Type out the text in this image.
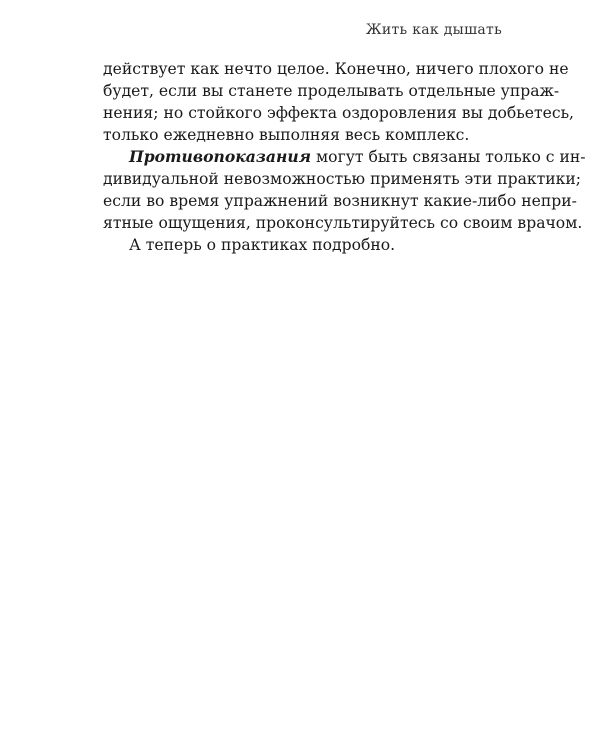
Жить как дышать
действует как нечто целое. Конечно, ничего плохого не
будет, если вы станете проделывать отдельные упраж-
нения; но стойкого эффекта оздоровления вы добьетесь,
только ежедневно выполняя весь комплекс.
Противопоказания могут быть связаны только с ин-
дивидуальной невозможностью применять эти практики;
если во время упражнений возникнут какие-либо непри-
ятные ощущения, проконсультируйтесь со своим врачом.
А теперь о практиках подробно.
